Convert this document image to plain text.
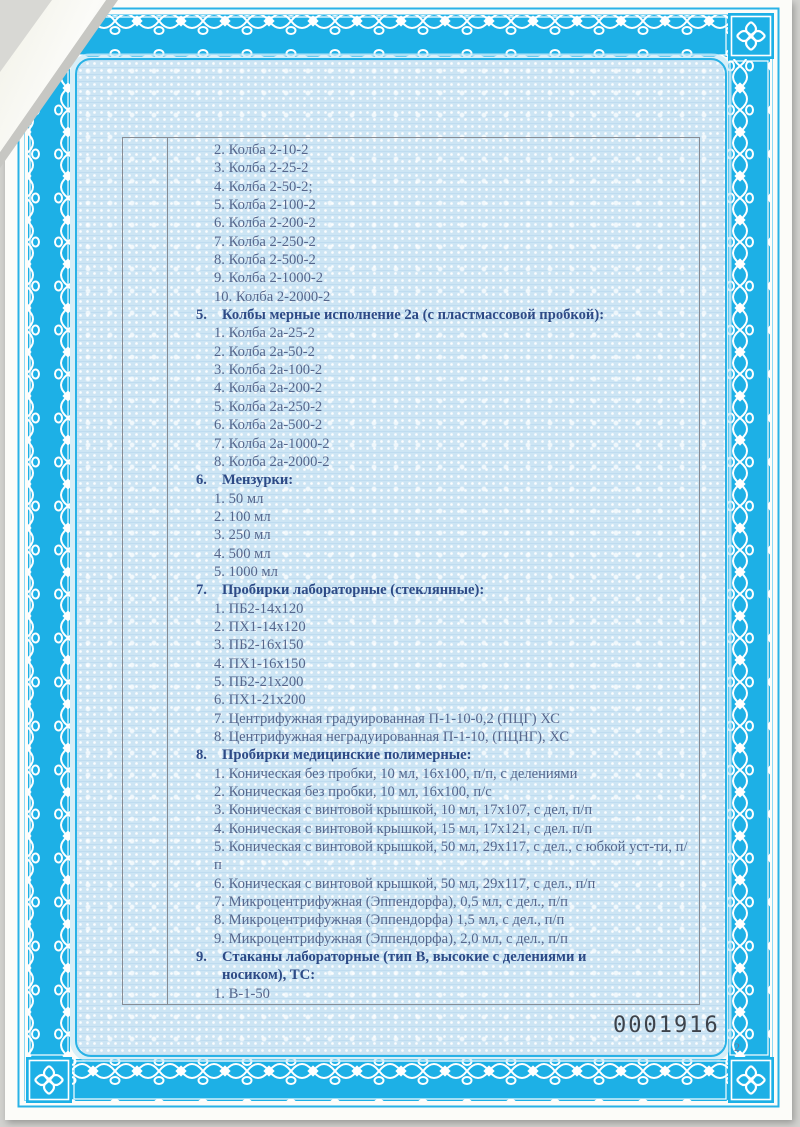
2. Колба 2-10-2
3. Колба 2-25-2
4. Колба 2-50-2;
5. Колба 2-100-2
6. Колба 2-200-2
7. Колба 2-250-2
8. Колба 2-500-2
9. Колба 2-1000-2
10. Колба 2-2000-2
5.	Колбы мерные исполнение 2а (с пластмассовой пробкой):
1. Колба 2а-25-2
2. Колба 2а-50-2
3. Колба 2а-100-2
4. Колба 2а-200-2
5. Колба 2а-250-2
6. Колба 2а-500-2
7. Колба 2а-1000-2
8. Колба 2а-2000-2
6.	Мензурки:
1. 50 мл
2. 100 мл
3. 250 мл
4. 500 мл
5. 1000 мл
7.	Пробирки лабораторные (стеклянные):
1. ПБ2-14х120
2. ПХ1-14х120
3. ПБ2-16х150
4. ПХ1-16х150
5. ПБ2-21х200
6. ПХ1-21х200
7. Центрифужная градуированная П-1-10-0,2 (ПЦГ) ХС
8. Центрифужная неградуированная П-1-10, (ПЦНГ), ХС
8.	Пробирки медицинские полимерные:
1. Коническая без пробки, 10 мл, 16х100, п/п, с делениями
2. Коническая без пробки, 10 мл, 16х100, п/с
3. Коническая с винтовой крышкой, 10 мл, 17х107, с дел, п/п
4. Коническая с винтовой крышкой, 15 мл, 17х121, с дел. п/п
5. Коническая с винтовой крышкой, 50 мл, 29х117, с дел., с юбкой уст-ти, п/п
6. Коническая с винтовой крышкой, 50 мл, 29х117, с дел., п/п
7. Микроцентрифужная (Эппендорфа), 0,5 мл, с дел., п/п
8. Микроцентрифужная (Эппендорфа) 1,5 мл, с дел., п/п
9. Микроцентрифужная (Эппендорфа), 2,0 мл, с дел., п/п
9.	Стаканы лабораторные (тип В, высокие с делениями и носиком), ТС:
1. В-1-50
0001916
2
